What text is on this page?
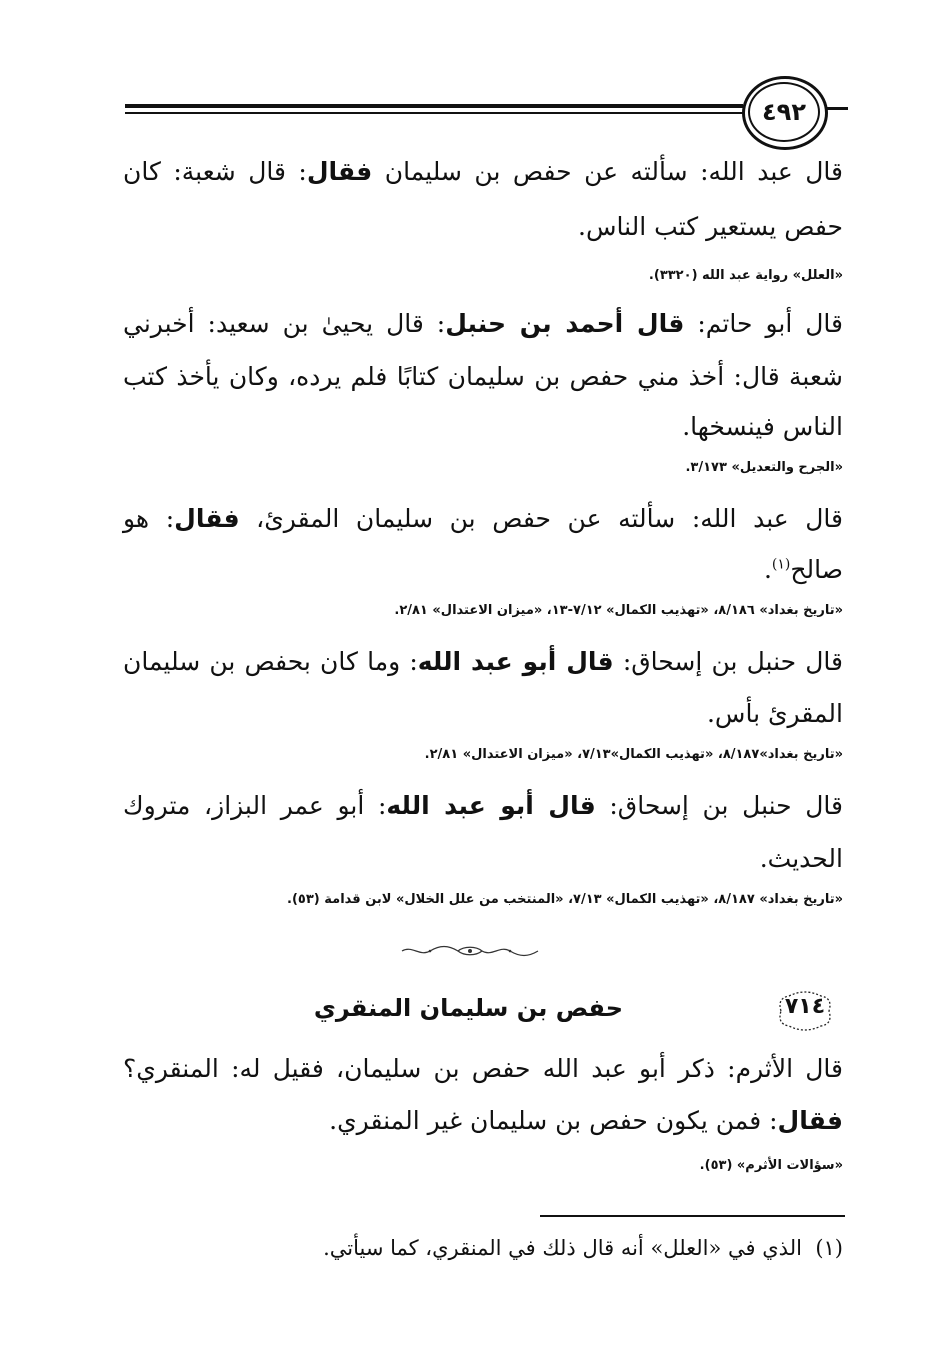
٤٩٢
قال عبد الله: سألته عن حفص بن سليمان فقال: قال شعبة: كان
حفص يستعير كتب الناس.
«العلل» رواية عبد الله (٣٣٢٠).
قال أبو حاتم: قال أحمد بن حنبل: قال يحيىٰ بن سعيد: أخبرني
شعبة قال: أخذ مني حفص بن سليمان كتابًا فلم يرده، وكان يأخذ كتب
الناس فينسخها.
«الجرح والتعديل» ٣/١٧٣.
قال عبد الله: سألته عن حفص بن سليمان المقرئ، فقال: هو
صالح$^{(١)}$.
«تاريخ بغداد» ٨/١٨٦، «تهذيب الكمال» ٧/١٢-١٣، «ميزان الاعتدال» ٢/٨١.
قال حنبل بن إسحاق: قال أبو عبد الله: وما كان بحفص بن سليمان
المقرئ بأس.
«تاريخ بغداد»٨/١٨٧، «تهذيب الكمال»٧/١٣، «ميزان الاعتدال» ٢/٨١.
قال حنبل بن إسحاق: قال أبو عبد الله: أبو عمر البزاز، متروك
الحديث.
«تاريخ بغداد» ٨/١٨٧، «تهذيب الكمال» ٧/١٣، «المنتخب من علل الخلال» لابن قدامة (٥٣).
٧١٤
حفص بن سليمان المنقري
قال الأثرم: ذكر أبو عبد الله حفص بن سليمان، فقيل له: المنقري؟
فقال: فمن يكون حفص بن سليمان غير المنقري.
«سؤالات الأثرم» (٥٣).
(١)  الذي في «العلل» أنه قال ذلك في المنقري، كما سيأتي.
